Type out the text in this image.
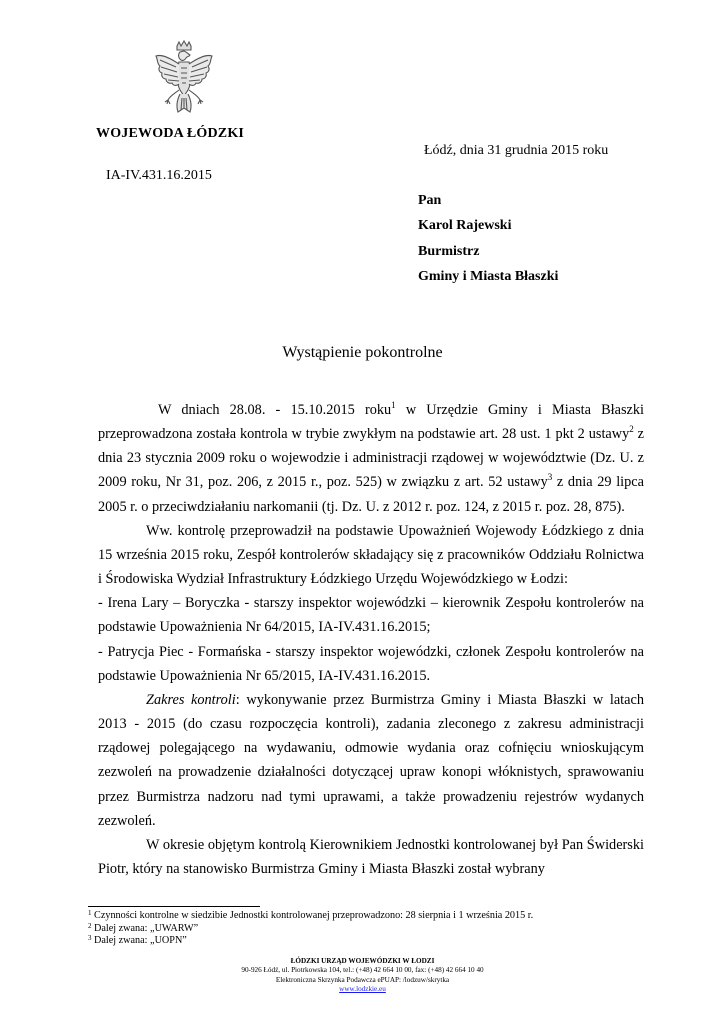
WOJEWODA ŁÓDZKI
Łódź, dnia 31 grudnia 2015 roku
IA-IV.431.16.2015
Pan
Karol Rajewski
Burmistrz
Gminy i Miasta Błaszki
Wystąpienie pokontrolne

W dniach 28.08. - 15.10.2015 roku$^1$ w Urzędzie Gminy i Miasta Błaszki przeprowadzona została kontrola w trybie zwykłym na podstawie art. 28 ust. 1 pkt 2 ustawy$^2$ z dnia 23 stycznia 2009 roku o wojewodzie i administracji rządowej w województwie (Dz. U. z 2009 roku, Nr 31, poz. 206, z 2015 r., poz. 525) w związku z art. 52 ustawy$^3$ z dnia 29 lipca 2005 r. o przeciwdziałaniu narkomanii (tj. Dz. U. z 2012 r. poz. 124, z 2015 r. poz. 28, 875).

Ww. kontrolę przeprowadził na podstawie Upoważnień Wojewody Łódzkiego z dnia 15 września 2015 roku, Zespół kontrolerów składający się z pracowników Oddziału Rolnictwa i Środowiska Wydział Infrastruktury Łódzkiego Urzędu Wojewódzkiego w Łodzi:

- Irena Lary – Boryczka - starszy inspektor wojewódzki – kierownik Zespołu kontrolerów na podstawie Upoważnienia Nr 64/2015, IA-IV.431.16.2015;

- Patrycja Piec - Formańska - starszy inspektor wojewódzki, członek Zespołu kontrolerów na podstawie Upoważnienia Nr 65/2015, IA-IV.431.16.2015.

Zakres kontroli: wykonywanie przez Burmistrza Gminy i Miasta Błaszki w latach 2013 - 2015 (do czasu rozpoczęcia kontroli), zadania zleconego z zakresu administracji rządowej polegającego na wydawaniu, odmowie wydania oraz cofnięciu wnioskującym zezwoleń na prowadzenie działalności dotyczącej upraw konopi włóknistych, sprawowaniu przez Burmistrza nadzoru nad tymi uprawami, a także prowadzeniu rejestrów wydanych zezwoleń.

W okresie objętym kontrolą Kierownikiem Jednostki kontrolowanej był Pan Świderski Piotr, który na stanowisko Burmistrza Gminy i Miasta Błaszki został wybrany

$^1$ Czynności kontrolne w siedzibie Jednostki kontrolowanej przeprowadzono: 28 sierpnia i 1 września 2015 r.
$^2$ Dalej zwana: „UWARW”
$^3$ Dalej zwana: „UOPN”
ŁÓDZKI URZĄD WOJEWÓDZKI W ŁODZI
90-926 Łódź, ul. Piotrkowska 104, tel.: (+48) 42 664 10 00, fax: (+48) 42 664 10 40
Elektroniczna Skrzynka Podawcza ePUAP: /lodzuw/skrytka
www.lodzkie.eu
